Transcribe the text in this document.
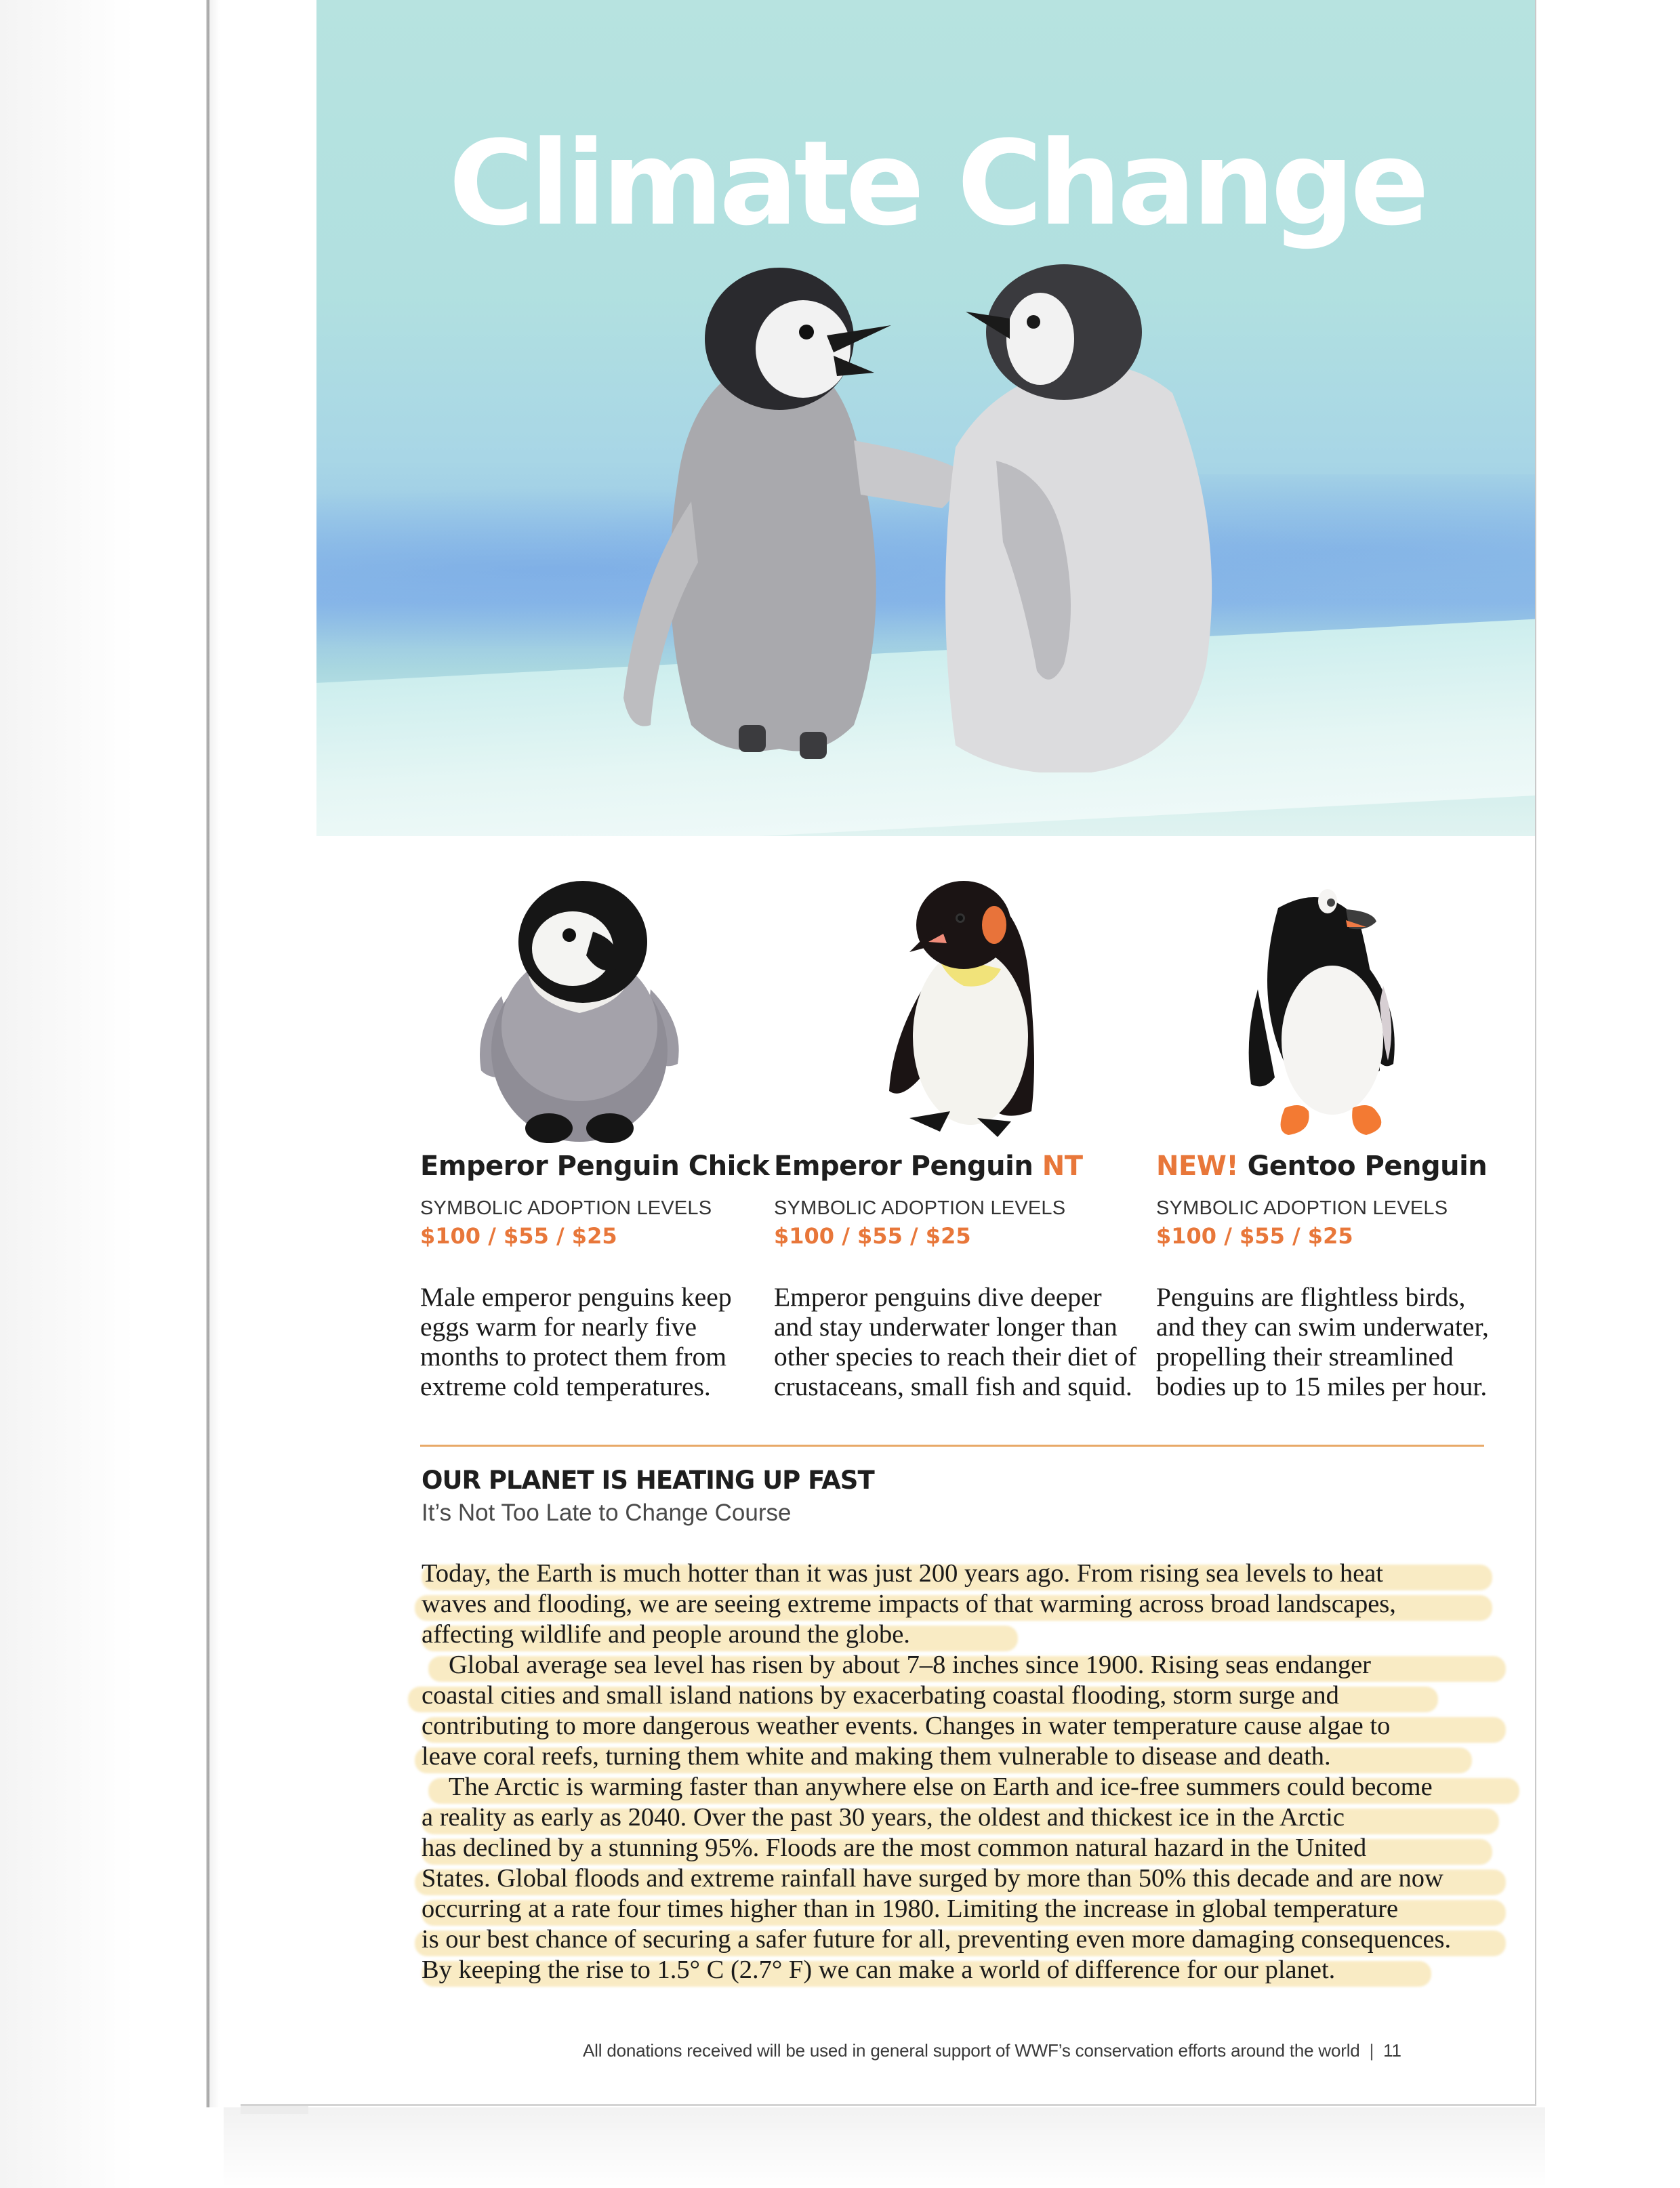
Climate Change
Emperor Penguin Chick
SYMBOLIC ADOPTION LEVELS
$100 / $55 / $25
Male emperor penguins keep eggs warm for nearly five months to protect them from extreme cold temperatures.
Emperor Penguin NT
SYMBOLIC ADOPTION LEVELS
$100 / $55 / $25
Emperor penguins dive deeper and stay underwater longer than other species to reach their diet of crustaceans, small fish and squid.
NEW! Gentoo Penguin
SYMBOLIC ADOPTION LEVELS
$100 / $55 / $25
Penguins are flightless birds, and they can swim underwater, propelling their streamlined bodies up to 15 miles per hour.
OUR PLANET IS HEATING UP FAST
It’s Not Too Late to Change Course
Today, the Earth is much hotter than it was just 200 years ago. From rising sea levels to heat
waves and flooding, we are seeing extreme impacts of that warming across broad landscapes,
affecting wildlife and people around the globe.
Global average sea level has risen by about 7–8 inches since 1900. Rising seas endanger
coastal cities and small island nations by exacerbating coastal flooding, storm surge and
contributing to more dangerous weather events. Changes in water temperature cause algae to
leave coral reefs, turning them white and making them vulnerable to disease and death.
The Arctic is warming faster than anywhere else on Earth and ice-free summers could become
a reality as early as 2040. Over the past 30 years, the oldest and thickest ice in the Arctic
has declined by a stunning 95%. Floods are the most common natural hazard in the United
States. Global floods and extreme rainfall have surged by more than 50% this decade and are now
occurring at a rate four times higher than in 1980. Limiting the increase in global temperature
is our best chance of securing a safer future for all, preventing even more damaging consequences.
By keeping the rise to 1.5° C (2.7° F) we can make a world of difference for our planet.
All donations received will be used in general support of WWF’s conservation efforts around the world | 11
